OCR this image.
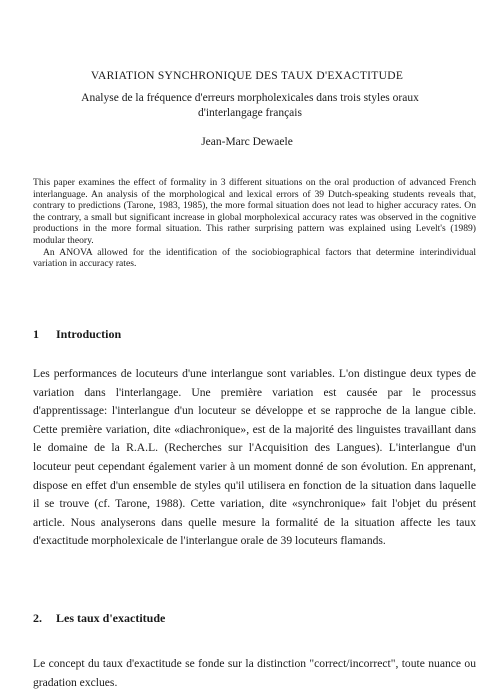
VARIATION SYNCHRONIQUE DES TAUX D'EXACTITUDE
Analyse de la fréquence d'erreurs morpholexicales dans trois styles oraux d'interlangage français
Jean-Marc Dewaele

This paper examines the effect of formality in 3 different situations on the oral production of advanced French interlanguage. An analysis of the morphological and lexical errors of 39 Dutch-speaking students reveals that, contrary to predictions (Tarone, 1983, 1985), the more formal situation does not lead to higher accuracy rates. On the contrary, a small but significant increase in global morpholexical accuracy rates was observed in the cognitive productions in the more formal situation. This rather surprising pattern was explained using Levelt's (1989) modular theory.

An ANOVA allowed for the identification of the sociobiographical factors that determine interindividual variation in accuracy rates.

1 Introduction

Les performances de locuteurs d'une interlangue sont variables. L'on distingue deux types de variation dans l'interlangage. Une première variation est causée par le processus d'apprentissage: l'interlangue d'un locuteur se développe et se rapproche de la langue cible. Cette première variation, dite «diachronique», est de la majorité des linguistes travaillant dans le domaine de la R.A.L. (Recherches sur l'Acquisition des Langues). L'interlangue d'un locuteur peut cependant également varier à un moment donné de son évolution. En apprenant, dispose en effet d'un ensemble de styles qu'il utilisera en fonction de la situation dans laquelle il se trouve (cf. Tarone, 1988). Cette variation, dite «synchronique» fait l'objet du présent article. Nous analyserons dans quelle mesure la formalité de la situation affecte les taux d'exactitude morpholexicale de l'interlangue orale de 39 locuteurs flamands.

2. Les taux d'exactitude

Le concept du taux d'exactitude se fonde sur la distinction "correct/incorrect", toute nuance ou gradation exclues.
